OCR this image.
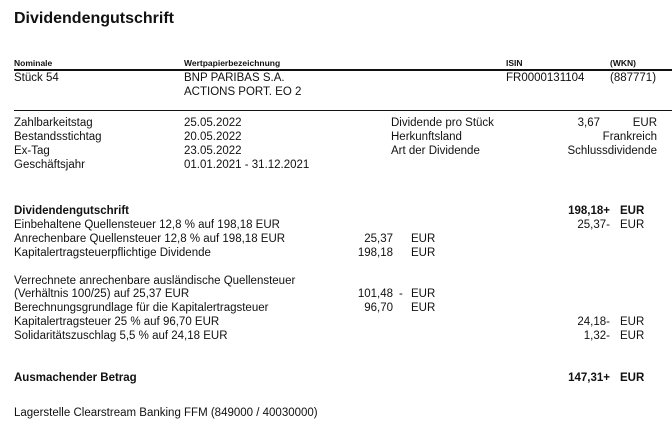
Dividendengutschrift
Nominale	Wertpapierbezeichnung	ISIN	(WKN)
Stück 54	BNP PARIBAS S.A.
ACTIONS PORT. EO 2
FR0000131104 (887771)
Zahlbarkeitstag	25.05.2022
Bestandsstichtag	20.05.2022
Ex-Tag	23.05.2022
Geschäftsjahr	01.01.2021 - 31.12.2021
Dividende pro Stück	3,67	EUR
Herkunftsland	Frankreich
Art der Dividende	Schlussdividende
Dividendengutschrift	198,18+ EUR
Einbehaltene Quellensteuer 12,8 % auf 198,18 EUR	25,37- EUR
Anrechenbare Quellensteuer 12,8 % auf 198,18 EUR	25,37 EUR
Kapitalertragsteuerpflichtige Dividende	198,18 EUR
Verrechnete anrechenbare ausländische Quellensteuer
(Verhältnis 100/25) auf 25,37 EUR	101,48 - EUR
Berechnungsgrundlage für die Kapitalertragsteuer	96,70 EUR
Kapitalertragsteuer 25 % auf 96,70 EUR	24,18- EUR
Solidaritätszuschlag 5,5 % auf 24,18 EUR	1,32- EUR
Ausmachender Betrag	147,31+ EUR
Lagerstelle Clearstream Banking FFM (849000 / 40030000)
